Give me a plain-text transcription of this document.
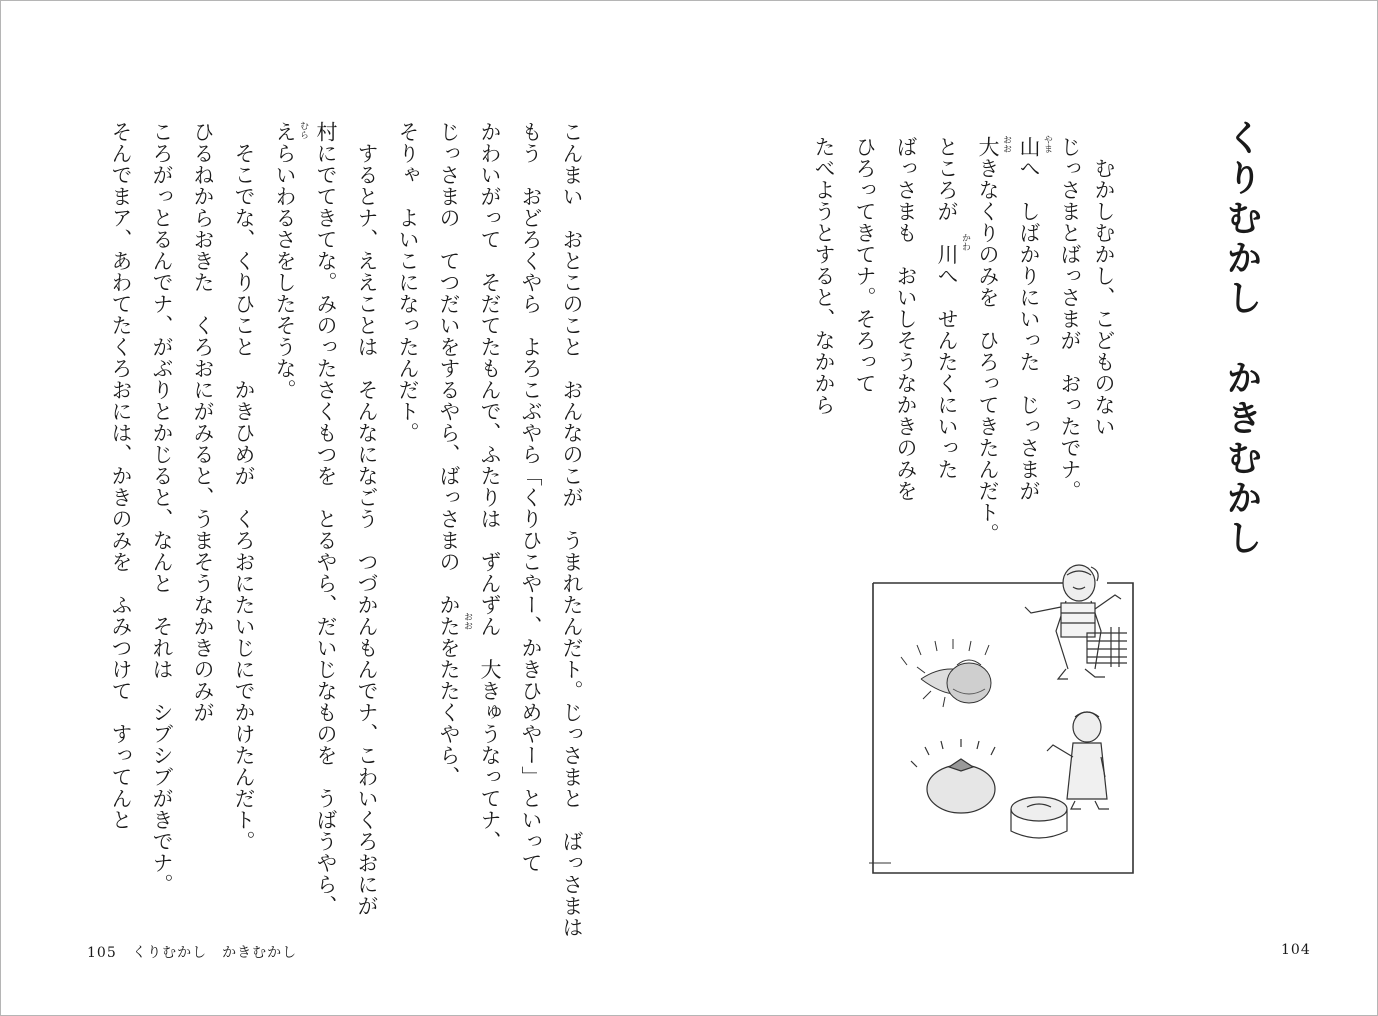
くりむかし　かきむかし
　むかしむかし、こどものない
じっさまとばっさまが　おったでナ。
山へ　しばかりにいった　じっさまが
大きなくりのみを　ひろってきたんだト。
ところが　川へ　せんたくにいった
ばっさまも　おいしそうなかきのみを
ひろってきてナ。そろって
たべようとすると、なかから	やま
おお
かわ
こんまい　おとこのこと　おんなのこが　うまれたんだト。じっさまと　ばっさまは
もう　おどろくやら　よろこぶやら「くりひこやー、かきひめやー」といって
かわいがって　そだてたもんで、ふたりは　ずんずん　大きゅうなってナ、
じっさまの　てつだいをするやら、ばっさまの　かたをたたくやら、
そりゃ　よいこになったんだト。
　するとナ、ええことは　そんなになごう　つづかんもんでナ、こわいくろおにが
村にでてきてな。みのったさくもつを　とるやら、だいじなものを　うばうやら、
えらいわるさをしたそうな。
　そこでな、くりひこと　かきひめが　くろおにたいじにでかけたんだト。
ひるねからおきた　くろおにがみると、うまそうなかきのみが
ころがっとるんでナ、がぶりとかじると、なんと　それは　シブシブがきでナ。
そんでまア、あわてたくろおには、かきのみを　ふみつけて　すってんと	おお
むら
105 くりむかし　かきむかし	104
